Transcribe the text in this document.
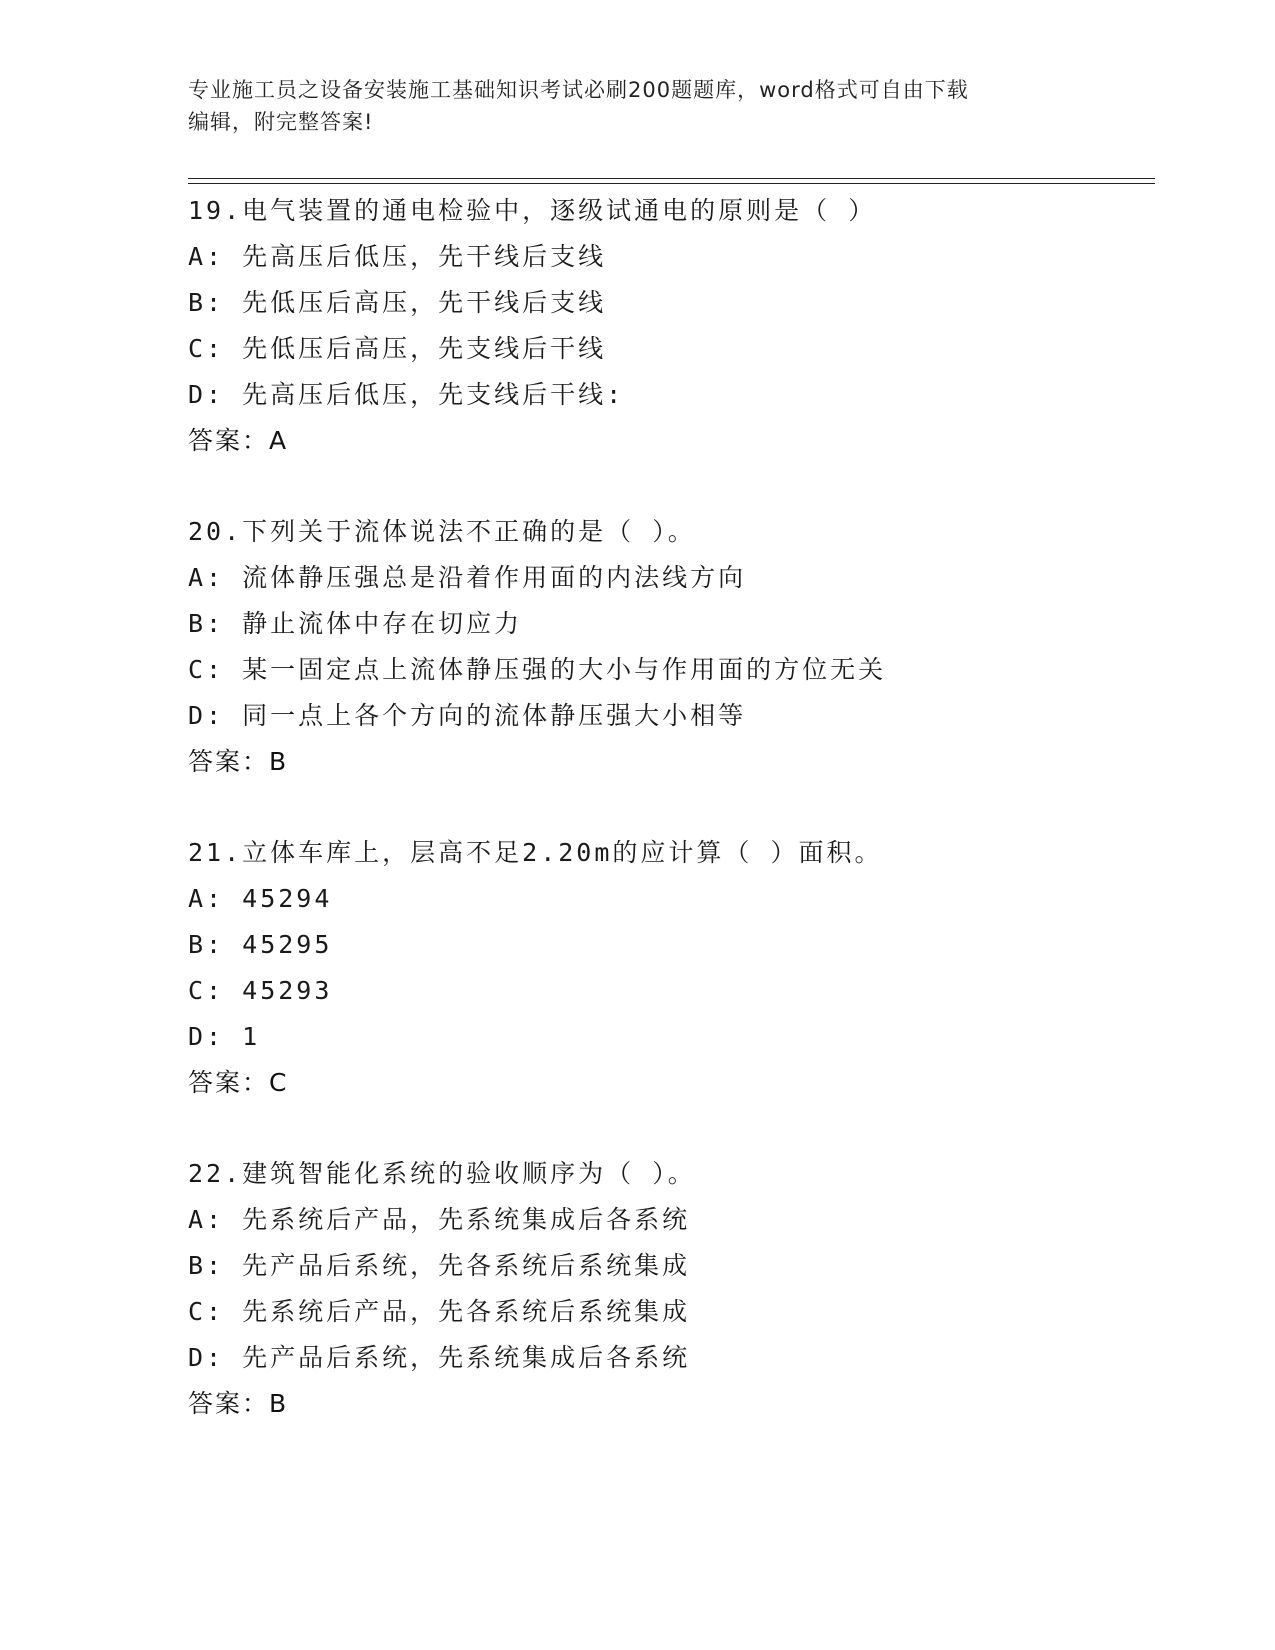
专业施工员之设备安装施工基础知识考试必刷200题题库，word格式可自由下载
编辑，附完整答案!
19.电气装置的通电检验中，逐级试通电的原则是（ ）
A: 先高压后低压，先干线后支线
B: 先低压后高压，先干线后支线
C: 先低压后高压，先支线后干线
D: 先高压后低压，先支线后干线:
答案：A
20.下列关于流体说法不正确的是（ ）。
A: 流体静压强总是沿着作用面的内法线方向
B: 静止流体中存在切应力
C: 某一固定点上流体静压强的大小与作用面的方位无关
D: 同一点上各个方向的流体静压强大小相等
答案：B
21.立体车库上，层高不足2.20m的应计算（ ）面积。
A: 45294
B: 45295
C: 45293
D: 1
答案：C
22.建筑智能化系统的验收顺序为（ ）。
A: 先系统后产品，先系统集成后各系统
B: 先产品后系统，先各系统后系统集成
C: 先系统后产品，先各系统后系统集成
D: 先产品后系统，先系统集成后各系统
答案：B
